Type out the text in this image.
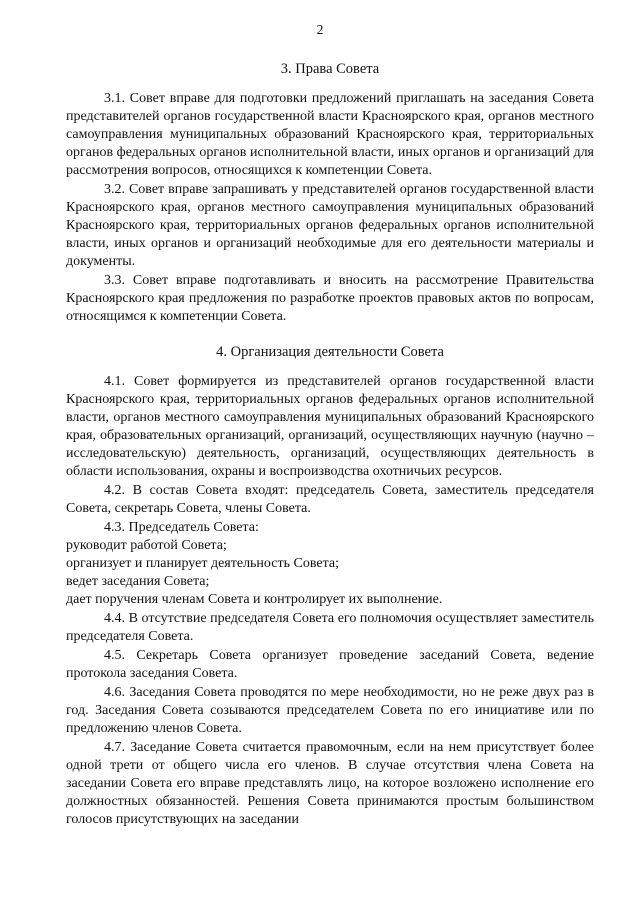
2

3. Права Совета

3.1. Совет вправе для подготовки предложений приглашать на заседания Совета представителей органов государственной власти Красноярского края, органов местного самоуправления муниципальных образований Красноярского края, территориальных органов федеральных органов исполнительной власти, иных органов и организаций для рассмотрения вопросов, относящихся к компетенции Совета.

3.2. Совет вправе запрашивать у представителей органов государственной власти Красноярского края, органов местного самоуправления муниципальных образований Красноярского края, территориальных органов федеральных органов исполнительной власти, иных органов и организаций необходимые для его деятельности материалы и документы.

3.3. Совет вправе подготавливать и вносить на рассмотрение Правительства Красноярского края предложения по разработке проектов правовых актов по вопросам, относящимся к компетенции Совета.

4. Организация деятельности Совета

4.1. Совет формируется из представителей органов государственной власти Красноярского края, территориальных органов федеральных органов исполнительной власти, органов местного самоуправления муниципальных образований Красноярского края, образовательных организаций, организаций, осуществляющих научную (научно – исследовательскую) деятельность, организаций, осуществляющих деятельность в области использования, охраны и воспроизводства охотничьих ресурсов.

4.2. В состав Совета входят: председатель Совета, заместитель председателя Совета, секретарь Совета, члены Совета.

4.3. Председатель Совета:

руководит работой Совета;

организует и планирует деятельность Совета;

ведет заседания Совета;

дает поручения членам Совета и контролирует их выполнение.

4.4. В отсутствие председателя Совета его полномочия осуществляет заместитель председателя Совета.

4.5. Секретарь Совета организует проведение заседаний Совета, ведение протокола заседания Совета.

4.6. Заседания Совета проводятся по мере необходимости, но не реже двух раз в год. Заседания Совета созываются председателем Совета по его инициативе или по предложению членов Совета.

4.7. Заседание Совета считается правомочным, если на нем присутствует более одной трети от общего числа его членов. В случае отсутствия члена Совета на заседании Совета его вправе представлять лицо, на которое возложено исполнение его должностных обязанностей. Решения Совета принимаются простым большинством голосов присутствующих на заседании
